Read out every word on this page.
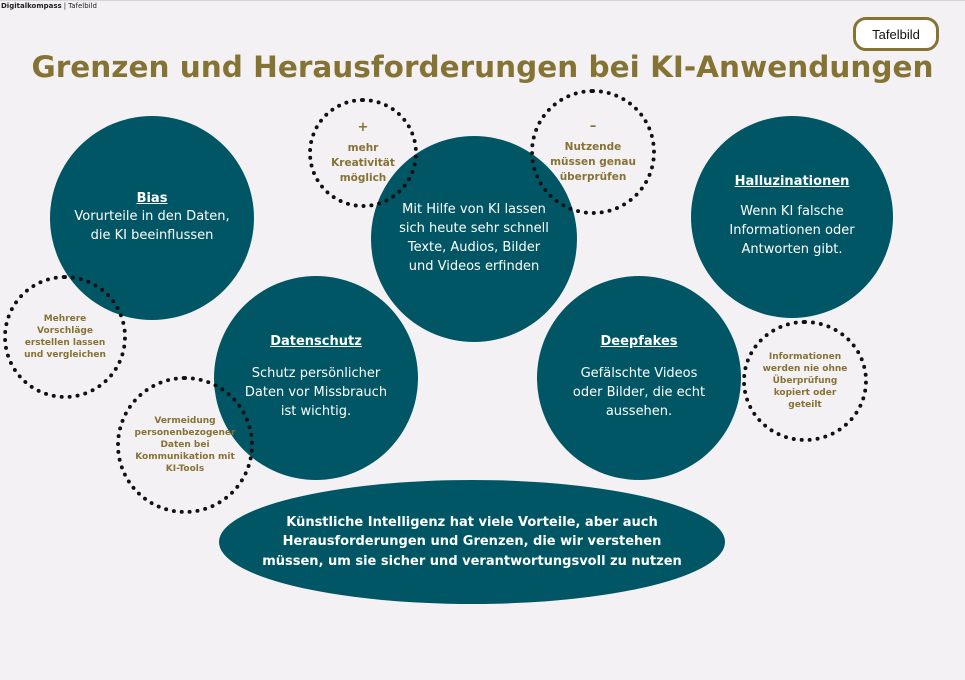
Digitalkompass | Tafelbild
Tafelbild
Grenzen und Herausforderungen bei KI-Anwendungen
Bias
Vorurteile in den Daten, die KI beeinflussen
Halluzinationen
Wenn KI falsche Informationen oder Antworten gibt.
Datenschutz
Schutz persönlicher Daten vor Missbrauch ist wichtig.
Deepfakes
Gefälschte Videos oder Bilder, die echt aussehen.
Mit Hilfe von KI lassen sich heute sehr schnell Texte, Audios, Bilder und Videos erfinden
+
mehr Kreativität möglich
–
Nutzende müssen genau überprüfen
Mehrere Vorschläge erstellen lassen und vergleichen
Vermeidung personenbezogener Daten bei Kommunikation mit KI-Tools
Informationen werden nie ohne Überprüfung kopiert oder geteilt
Künstliche Intelligenz hat viele Vorteile, aber auch Herausforderungen und Grenzen, die wir verstehen müssen, um sie sicher und verantwortungsvoll zu nutzen
